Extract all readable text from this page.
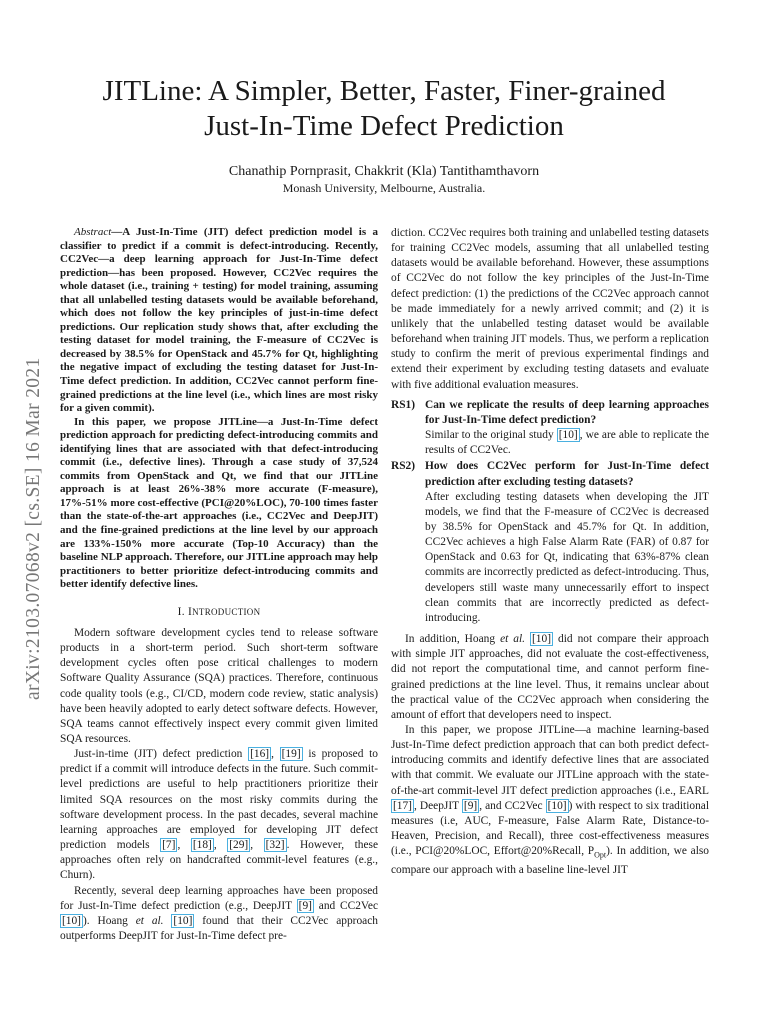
JITLine: A Simpler, Better, Faster, Finer-grained
Just-In-Time Defect Prediction
Chanathip Pornprasit, Chakkrit (Kla) Tantithamthavorn
Monash University, Melbourne, Australia.
arXiv:2103.07068v2 [cs.SE] 16 Mar 2021

Abstract—A Just-In-Time (JIT) defect prediction model is a classifier to predict if a commit is defect-introducing. Recently, CC2Vec—a deep learning approach for Just-In-Time defect prediction—has been proposed. However, CC2Vec requires the whole dataset (i.e., training + testing) for model training, assuming that all unlabelled testing datasets would be available beforehand, which does not follow the key principles of just-in-time defect predictions. Our replication study shows that, after excluding the testing dataset for model training, the F-measure of CC2Vec is decreased by 38.5% for OpenStack and 45.7% for Qt, highlighting the negative impact of excluding the testing dataset for Just-In-Time defect prediction. In addition, CC2Vec cannot perform fine-grained predictions at the line level (i.e., which lines are most risky for a given commit).

In this paper, we propose JITLine—a Just-In-Time defect prediction approach for predicting defect-introducing commits and identifying lines that are associated with that defect-introducing commit (i.e., defective lines). Through a case study of 37,524 commits from OpenStack and Qt, we find that our JITLine approach is at least 26%-38% more accurate (F-measure), 17%-51% more cost-effective (PCI@20%LOC), 70-100 times faster than the state-of-the-art approaches (i.e., CC2Vec and DeepJIT) and the fine-grained predictions at the line level by our approach are 133%-150% more accurate (Top-10 Accuracy) than the baseline NLP approach. Therefore, our JITLine approach may help practitioners to better prioritize defect-introducing commits and better identify defective lines.

I. INTRODUCTION

Modern software development cycles tend to release software products in a short-term period. Such short-term software development cycles often pose critical challenges to modern Software Quality Assurance (SQA) practices. Therefore, continuous code quality tools (e.g., CI/CD, modern code review, static analysis) have been heavily adopted to early detect software defects. However, SQA teams cannot effectively inspect every commit given limited SQA resources.

Just-in-time (JIT) defect prediction [16] , [19] is proposed to predict if a commit will introduce defects in the future. Such commit-level predictions are useful to help practitioners prioritize their limited SQA resources on the most risky commits during the software development process. In the past decades, several machine learning approaches are employed for developing JIT defect prediction models [7] , [18] , [29] , [32] . However, these approaches often rely on handcrafted commit-level features (e.g., Churn).

Recently, several deep learning approaches have been proposed for Just-In-Time defect prediction (e.g., DeepJIT [9] and CC2Vec [10] ). Hoang et al. [10] found that their CC2Vec approach outperforms DeepJIT for Just-In-Time defect pre-

diction. CC2Vec requires both training and unlabelled testing datasets for training CC2Vec models, assuming that all unlabelled testing datasets would be available beforehand. However, these assumptions of CC2Vec do not follow the key principles of the Just-In-Time defect prediction: (1) the predictions of the CC2Vec approach cannot be made immediately for a newly arrived commit; and (2) it is unlikely that the unlabelled testing dataset would be available beforehand when training JIT models. Thus, we perform a replication study to confirm the merit of previous experimental findings and extend their experiment by excluding testing datasets and evaluate with five additional evaluation measures.

RS1) Can we replicate the results of deep learning approaches for Just-In-Time defect prediction?
Similar to the original study [10] , we are able to replicate the results of CC2Vec.
RS2) How does CC2Vec perform for Just-In-Time defect prediction after excluding testing datasets?
After excluding testing datasets when developing the JIT models, we find that the F-measure of CC2Vec is decreased by 38.5% for OpenStack and 45.7% for Qt. In addition, CC2Vec achieves a high False Alarm Rate (FAR) of 0.87 for OpenStack and 0.63 for Qt, indicating that 63%-87% clean commits are incorrectly predicted as defect-introducing. Thus, developers still waste many unnecessarily effort to inspect clean commits that are incorrectly predicted as defect-introducing.

In addition, Hoang et al. [10] did not compare their approach with simple JIT approaches, did not evaluate the cost-effectiveness, did not report the computational time, and cannot perform fine-grained predictions at the line level. Thus, it remains unclear about the practical value of the CC2Vec approach when considering the amount of effort that developers need to inspect.

In this paper, we propose JITLine—a machine learning-based Just-In-Time defect prediction approach that can both predict defect-introducing commits and identify defective lines that are associated with that commit. We evaluate our JITLine approach with the state-of-the-art commit-level JIT defect prediction approaches (i.e., EARL [17] , DeepJIT [9] , and CC2Vec [10] ) with respect to six traditional measures (i.e, AUC, F-measure, False Alarm Rate, Distance-to-Heaven, Precision, and Recall), three cost-effectiveness measures (i.e., PCI@20%LOC, Effort@20%Recall, $P_{Opt}$). In addition, we also compare our approach with a baseline line-level JIT
